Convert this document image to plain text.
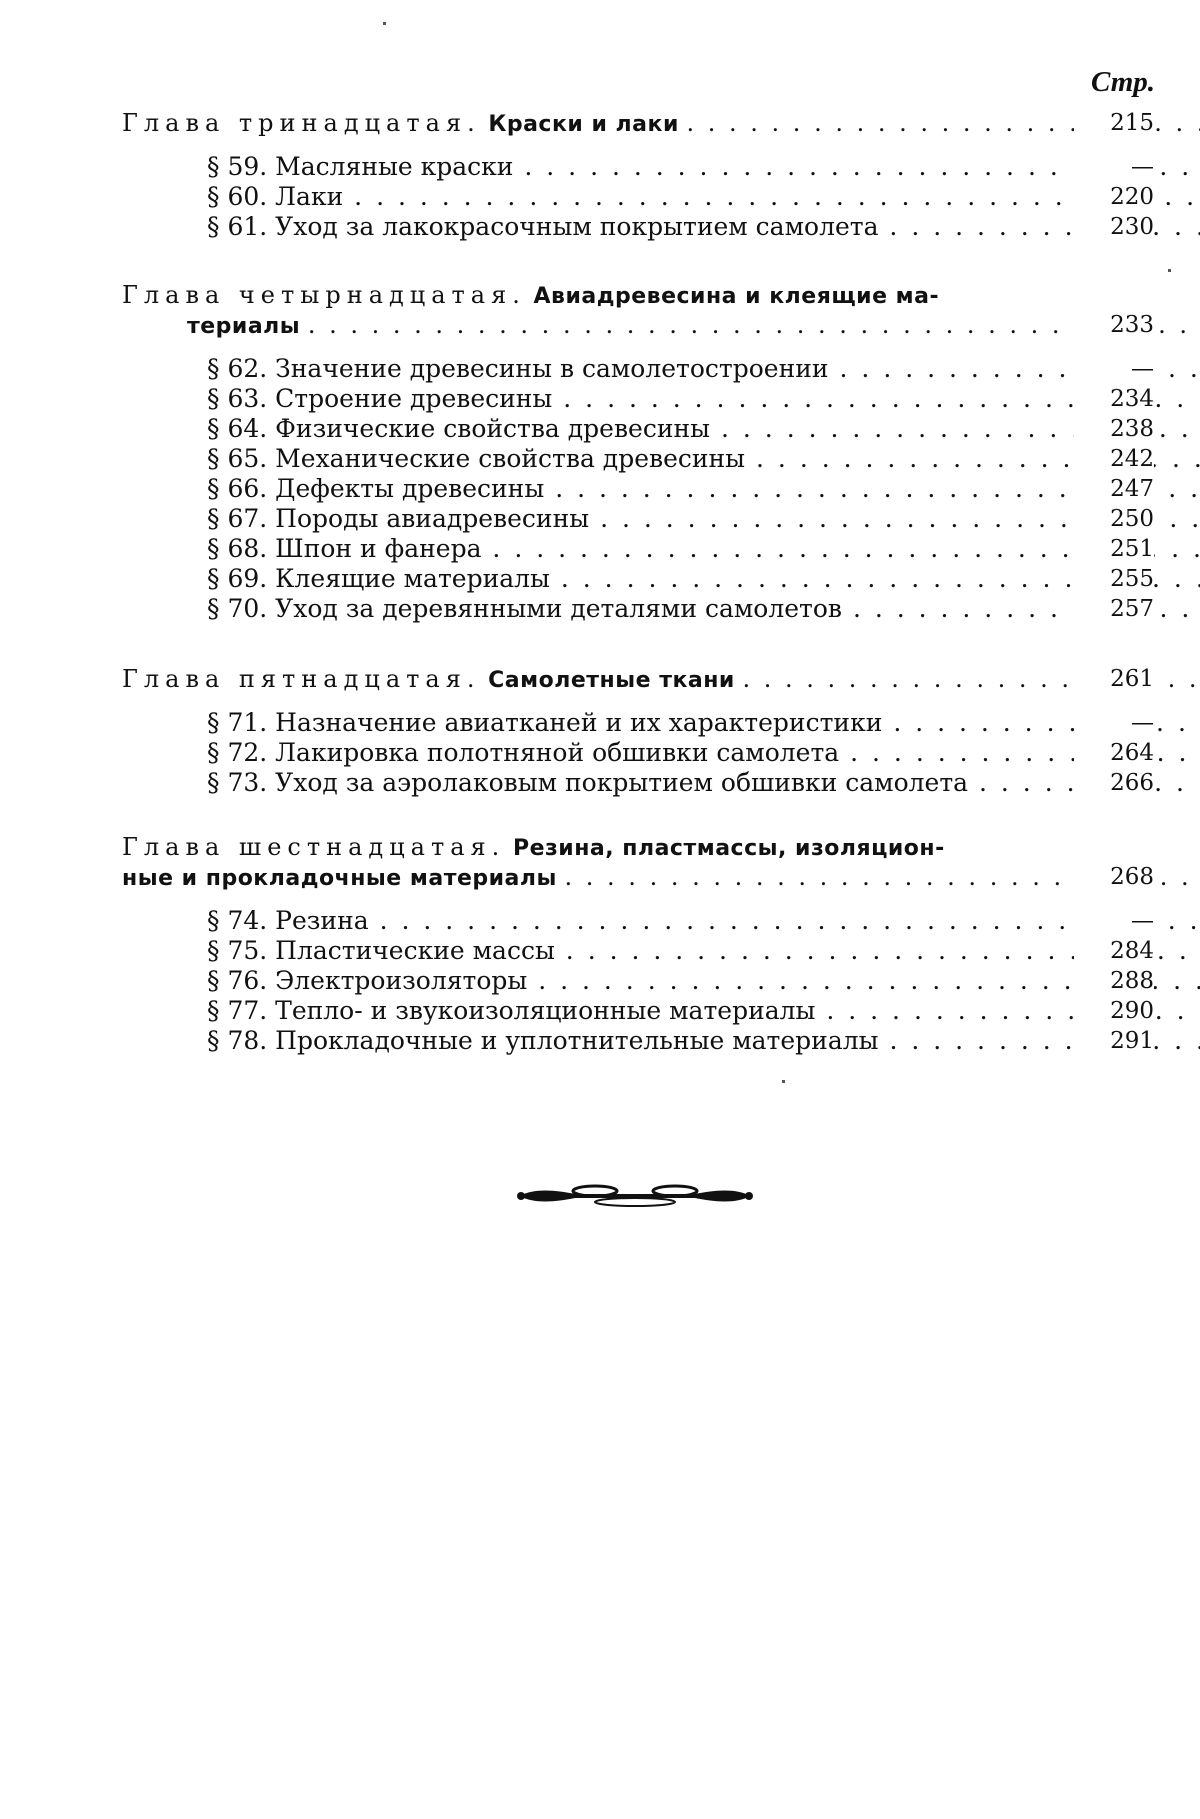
Стр.
Глава тринадцатая. Краски и лаки . . .	215
§ 59. Масляные краски . . .	—
§ 60. Лаки . . .	220
§ 61. Уход за лакокрасочным покрытием самолета . . .	230
Глава четырнадцатая. Авиадревесина и клеящие ма-
териалы . . .	233
§ 62. Значение древесины в самолетостроении . . .	—
§ 63. Строение древесины . . .	234
§ 64. Физические свойства древесины . . .	238
§ 65. Механические свойства древесины . . .	242
§ 66. Дефекты древесины . . .	247
§ 67. Породы авиадревесины . . .	250
§ 68. Шпон и фанера . . .	251
§ 69. Клеящие материалы . . .	255
§ 70. Уход за деревянными деталями самолетов . . .	257
Глава пятнадцатая. Самолетные ткани . . .	261
§ 71. Назначение авиатканей и их характеристики . . .	—
§ 72. Лакировка полотняной обшивки самолета . . .	264
§ 73. Уход за аэролаковым покрытием обшивки самолета . . .	266
Глава шестнадцатая. Резина, пластмассы, изоляцион-
ные и прокладочные материалы . . .	268
§ 74. Резина . . .	—
§ 75. Пластические массы . . .	284
§ 76. Электроизоляторы . . .	288
§ 77. Тепло- и звукоизоляционные материалы . . .	290
§ 78. Прокладочные и уплотнительные материалы . . .	291
